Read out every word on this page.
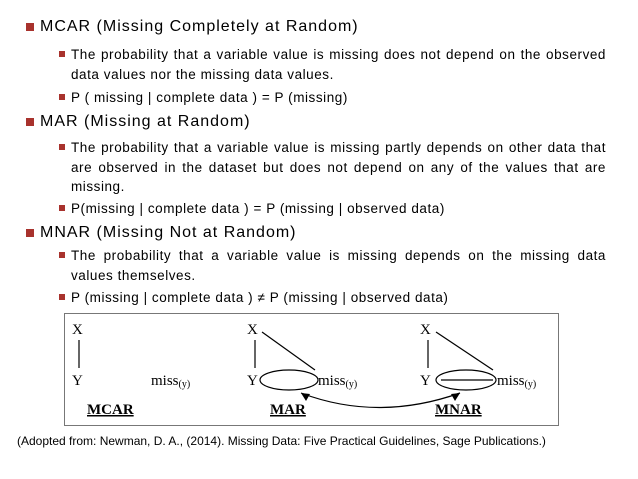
MCAR (Missing Completely at Random)
The probability that a variable value is missing does not depend on the observed data values nor the missing data values.
P ( missing | complete data ) = P (missing)
MAR (Missing at Random)
The probability that a variable value is missing partly depends on other data that are observed in the dataset but does not depend on any of the values that are missing.
P(missing | complete data ) = P (missing | observed data)
MNAR (Missing Not at Random)
The probability that a variable value is missing depends on the missing data values themselves.
P (missing | complete data ) ≠ P (missing | observed data)
X
Y	miss(y)
MCAR
X
Y	miss(y)
MAR
X
Y	miss(y)
MNAR
(Adopted from: Newman, D. A., (2014). Missing Data: Five Practical Guidelines, Sage Publications.)
